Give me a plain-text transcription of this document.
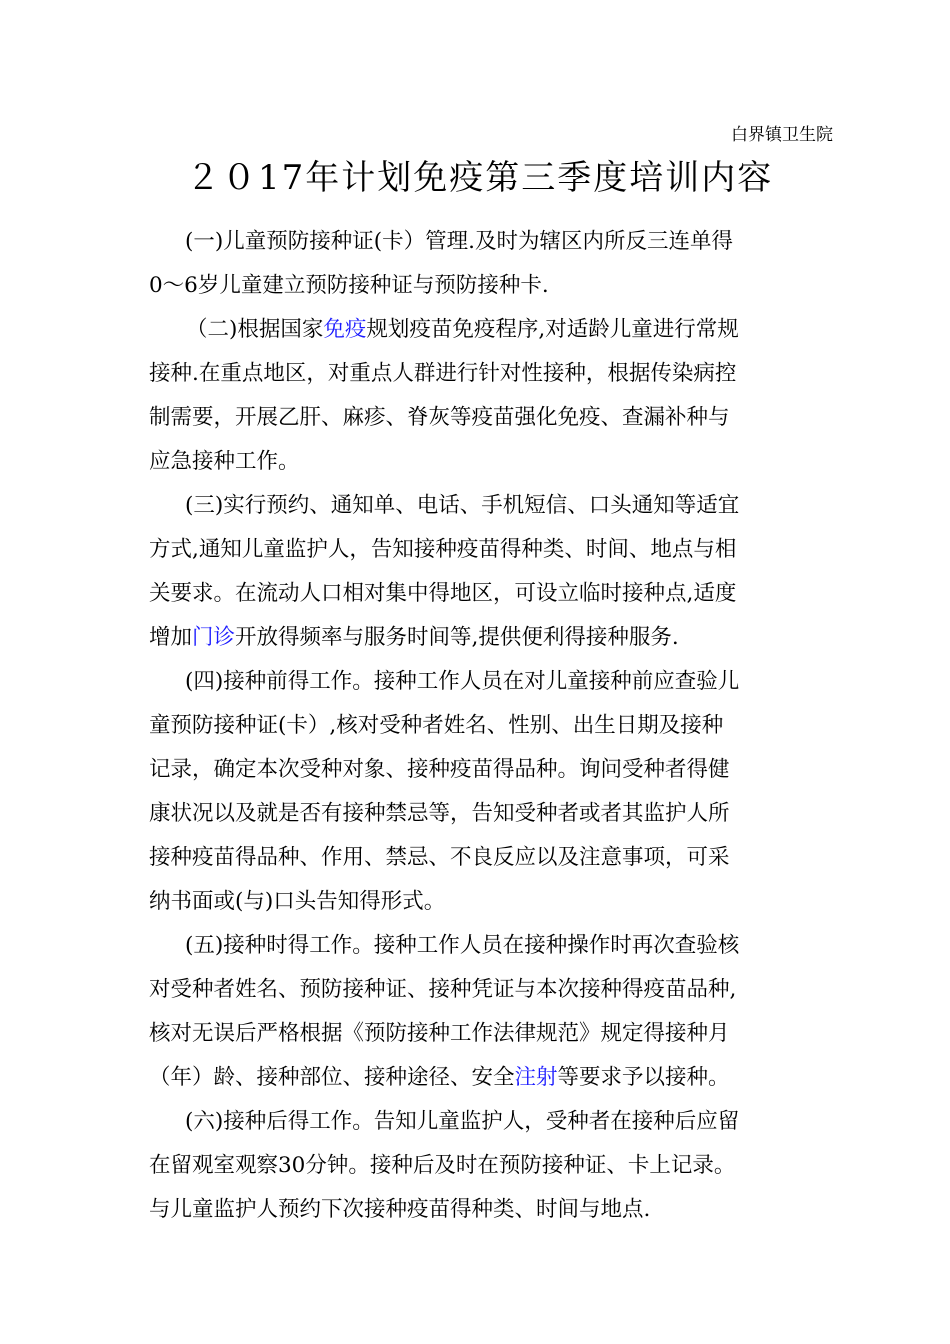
白界镇卫生院
２０17年计划免疫第三季度培训内容
(一)儿童预防接种证(卡）管理.及时为辖区内所反三连单得
0～6岁儿童建立预防接种证与预防接种卡.
（二)根据国家免疫规划疫苗免疫程序,对适龄儿童进行常规
接种.在重点地区，对重点人群进行针对性接种，根据传染病控
制需要，开展乙肝、麻疹、脊灰等疫苗强化免疫、查漏补种与
应急接种工作。
(三)实行预约、通知单、电话、手机短信、口头通知等适宜
方式,通知儿童监护人，告知接种疫苗得种类、时间、地点与相
关要求。在流动人口相对集中得地区，可设立临时接种点,适度
增加门诊开放得频率与服务时间等,提供便利得接种服务.
(四)接种前得工作。接种工作人员在对儿童接种前应查验儿
童预防接种证(卡）,核对受种者姓名、性别、出生日期及接种
记录，确定本次受种对象、接种疫苗得品种。询问受种者得健
康状况以及就是否有接种禁忌等，告知受种者或者其监护人所
接种疫苗得品种、作用、禁忌、不良反应以及注意事项，可采
纳书面或(与)口头告知得形式。
(五)接种时得工作。接种工作人员在接种操作时再次查验核
对受种者姓名、预防接种证、接种凭证与本次接种得疫苗品种,
核对无误后严格根据《预防接种工作法律规范》规定得接种月
（年）龄、接种部位、接种途径、安全注射等要求予以接种。
(六)接种后得工作。告知儿童监护人，受种者在接种后应留
在留观室观察30分钟。接种后及时在预防接种证、卡上记录。
与儿童监护人预约下次接种疫苗得种类、时间与地点.
